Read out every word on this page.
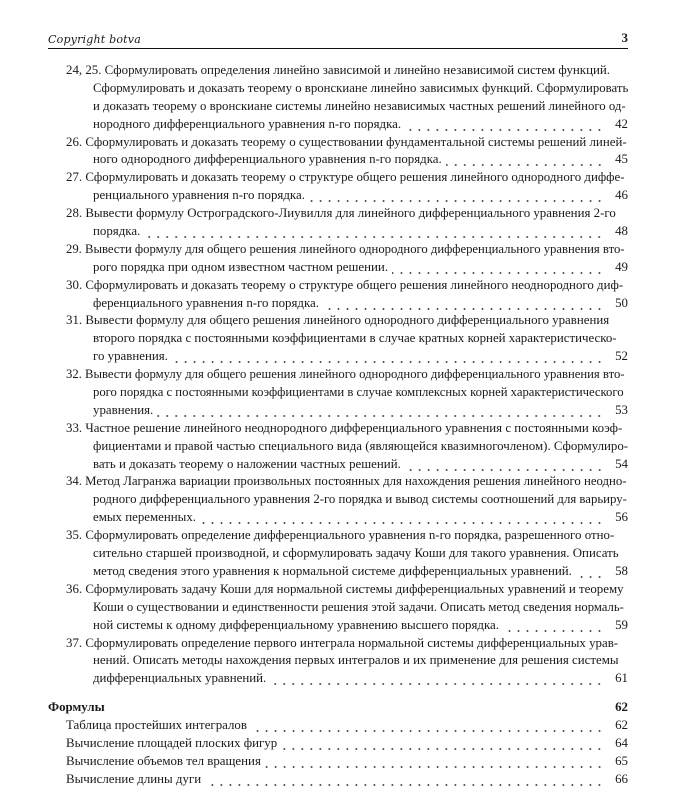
Copyright botva	3
24, 25. Сформулировать определения линейно зависимой и линейно независимой систем функций.
Сформулировать и доказать теорему о вронскиане линейно зависимых функций. Сформулировать
и доказать теорему о вронскиане системы линейно независимых частных решений линейного од-
нородного дифференциального уравнения n-го порядка.	42
26. Сформулировать и доказать теорему о существовании фундаментальной системы решений линей-
ного однородного дифференциального уравнения n-го порядка.	45
27. Сформулировать и доказать теорему о структуре общего решения линейного однородного диффе-
ренциального уравнения n-го порядка.	46
28. Вывести формулу Остроградского-Лиувилля для линейного дифференциального уравнения 2-го
порядка.	48
29. Вывести формулу для общего решения линейного однородного дифференциального уравнения вто-
рого порядка при одном известном частном решении.	49
30. Сформулировать и доказать теорему о структуре общего решения линейного неоднородного диф-
ференциального уравнения n-го порядка.	50
31. Вывести формулу для общего решения линейного однородного дифференциального уравнения
второго порядка с постоянными коэффициентами в случае кратных корней характеристическо-
го уравнения.	52
32. Вывести формулу для общего решения линейного однородного дифференциального уравнения вто-
рого порядка с постоянными коэффициентами в случае комплексных корней характеристического
уравнения.	53
33. Частное решение линейного неоднородного дифференциального уравнения с постоянными коэф-
фициентами и правой частью специального вида (являющейся квазимногочленом). Сформулиро-
вать и доказать теорему о наложении частных решений.	54
34. Метод Лагранжа вариации произвольных постоянных для нахождения решения линейного неодно-
родного дифференциального уравнения 2-го порядка и вывод системы соотношений для варьиру-
емых переменных.	56
35. Сформулировать определение дифференциального уравнения n-го порядка, разрешенного отно-
сительно старшей производной, и сформулировать задачу Коши для такого уравнения. Описать
метод сведения этого уравнения к нормальной системе дифференциальных уравнений.	58
36. Сформулировать задачу Коши для нормальной системы дифференциальных уравнений и теорему
Коши о существовании и единственности решения этой задачи. Описать метод сведения нормаль-
ной системы к одному дифференциальному уравнению высшего порядка.	59
37. Сформулировать определение первого интеграла нормальной системы дифференциальных урав-
нений. Описать методы нахождения первых интегралов и их применение для решения системы
дифференциальных уравнений.	61
Формулы	62
Таблица простейших интегралов	62
Вычисление площадей плоских фигур	64
Вычисление объемов тел вращения	65
Вычисление длины дуги	66
